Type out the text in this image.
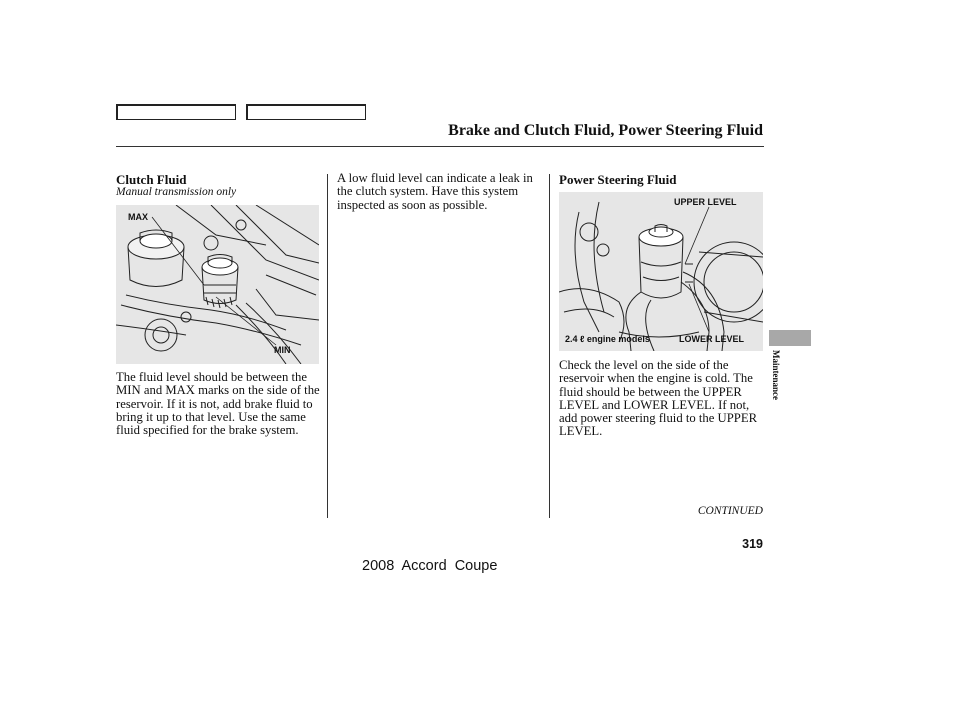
Brake and Clutch Fluid, Power Steering Fluid
Clutch Fluid
Manual transmission only
MAX
MIN
The fluid level should be between the MIN and MAX marks on the side of the reservoir. If it is not, add brake fluid to bring it up to that level. Use the same fluid specified for the brake system.
A low fluid level can indicate a leak in the clutch system. Have this system inspected as soon as possible.
Power Steering Fluid
UPPER LEVEL
2.4 ℓ engine models	LOWER LEVEL
Check the level on the side of the reservoir when the engine is cold. The fluid should be between the UPPER LEVEL and LOWER LEVEL. If not, add power steering fluid to the UPPER LEVEL.
Maintenance
CONTINUED
319
2008  Accord  Coupe
